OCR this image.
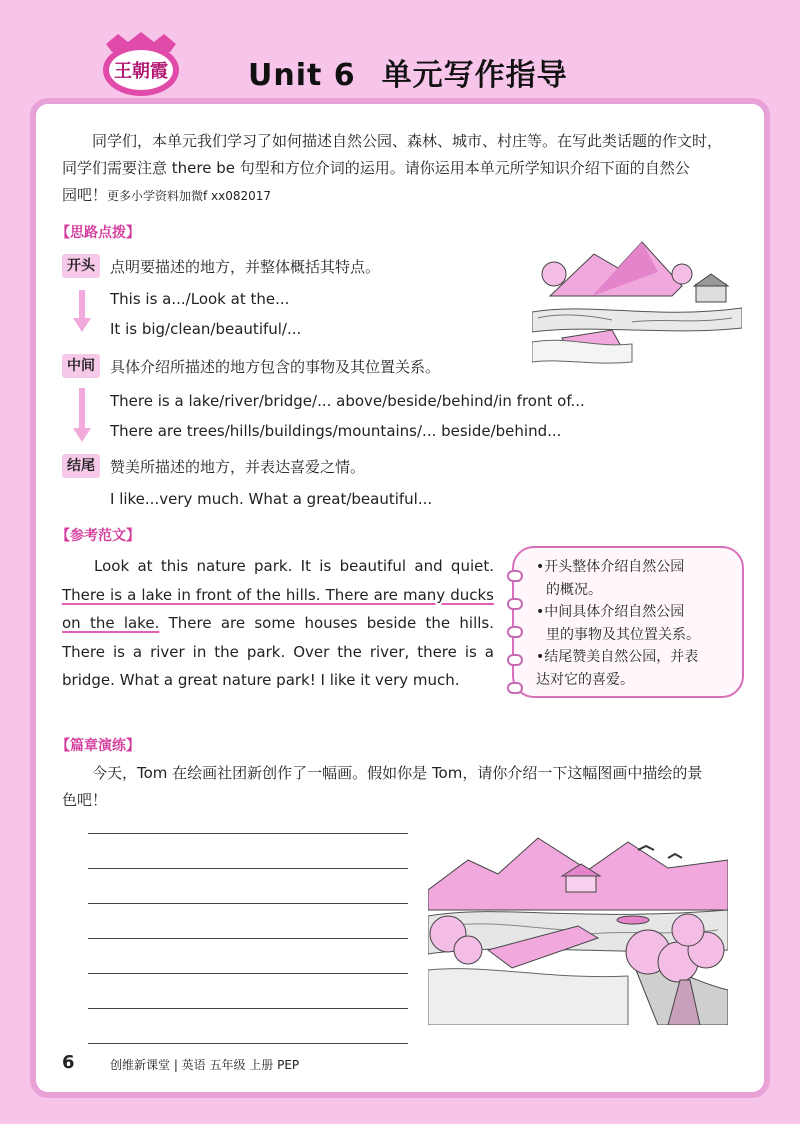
王朝霞	Unit 6 单元写作指导
同学们，本单元我们学习了如何描述自然公园、森林、城市、村庄等。在写此类话题的作文时，
同学们需要注意 there be 句型和方位介词的运用。请你运用本单元所学知识介绍下面的自然公
园吧！更多小学资料加微f xx082017
【思路点拨】
开头	点明要描述的地方，并整体概括其特点。
This is a.../Look at the...
It is big/clean/beautiful/...
中间	具体介绍所描述的地方包含的事物及其位置关系。
There is a lake/river/bridge/... above/beside/behind/in front of...
There are trees/hills/buildings/mountains/... beside/behind...
结尾	赞美所描述的地方，并表达喜爱之情。
I like...very much. What a great/beautiful...
【参考范文】
Look at this nature park. It is beautiful and quiet. There is a lake in front of the hills. There are many ducks on the lake. There are some houses beside the hills. There is a river in the park. Over the river, there is a bridge. What a great nature park! I like it very much.
•开头整体介绍自然公园
的概况。
•中间具体介绍自然公园
里的事物及其位置关系。
•结尾赞美自然公园，并表
达对它的喜爱。
【篇章演练】
今天，Tom 在绘画社团新创作了一幅画。假如你是 Tom，请你介绍一下这幅图画中描绘的景
色吧！
6	创维新课堂 | 英语 五年级 上册 PEP
